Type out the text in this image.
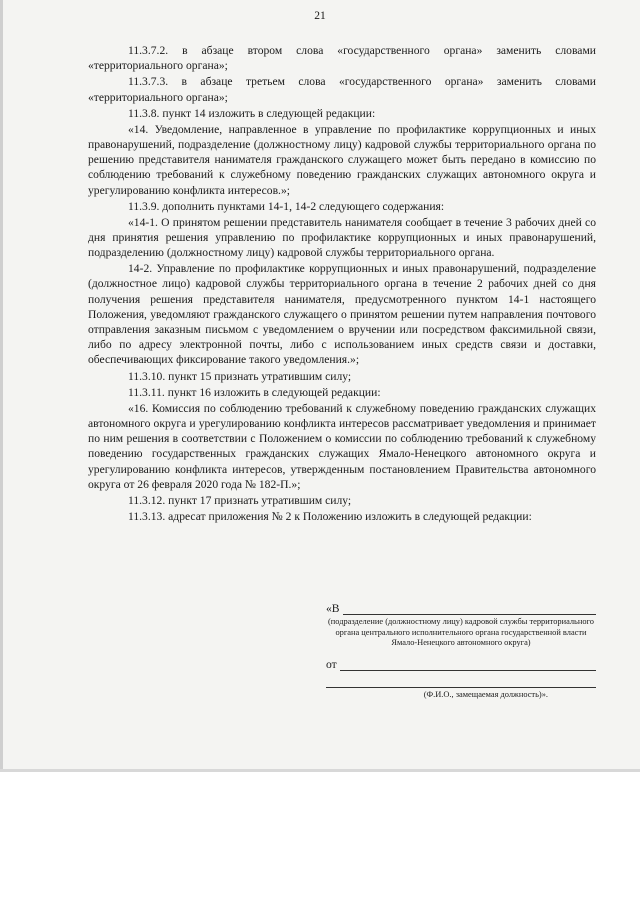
21

11.3.7.2. в абзаце втором слова «государственного органа» заменить словами «территориального органа»;

11.3.7.3. в абзаце третьем слова «государственного органа» заменить словами «территориального органа»;

11.3.8. пункт 14 изложить в следующей редакции:

«14. Уведомление, направленное в управление по профилактике коррупционных и иных правонарушений, подразделение (должностному лицу) кадровой службы территориального органа по решению представителя нанимателя гражданского служащего может быть передано в комиссию по соблюдению требований к служебному поведению гражданских служащих автономного округа и урегулированию конфликта интересов.»;

11.3.9. дополнить пунктами 14-1, 14-2 следующего содержания:

«14-1. О принятом решении представитель нанимателя сообщает в течение 3 рабочих дней со дня принятия решения управлению по профилактике коррупционных и иных правонарушений, подразделению (должностному лицу) кадровой службы территориального органа.

14-2. Управление по профилактике коррупционных и иных правонарушений, подразделение (должностное лицо) кадровой службы территориального органа в течение 2 рабочих дней со дня получения решения представителя нанимателя, предусмотренного пунктом 14-1 настоящего Положения, уведомляют гражданского служащего о принятом решении путем направления почтового отправления заказным письмом с уведомлением о вручении или посредством факсимильной связи, либо по адресу электронной почты, либо с использованием иных средств связи и доставки, обеспечивающих фиксирование такого уведомления.»;

11.3.10. пункт 15 признать утратившим силу;

11.3.11. пункт 16 изложить в следующей редакции:

«16. Комиссия по соблюдению требований к служебному поведению гражданских служащих автономного округа и урегулированию конфликта интересов рассматривает уведомления и принимает по ним решения в соответствии с Положением о комиссии по соблюдению требований к служебному поведению государственных гражданских служащих Ямало-Ненецкого автономного округа и урегулированию конфликта интересов, утвержденным постановлением Правительства автономного округа от 26 февраля 2020 года № 182-П.»;

11.3.12. пункт 17 признать утратившим силу;

11.3.13. адресат приложения № 2 к Положению изложить в следующей редакции:

«В

(подразделение (должностному лицу) кадровой службы территориального органа центрального исполнительного органа государственной власти Ямало-Ненецкого автономного округа)

от
(Ф.И.О., замещаемая должность)».
